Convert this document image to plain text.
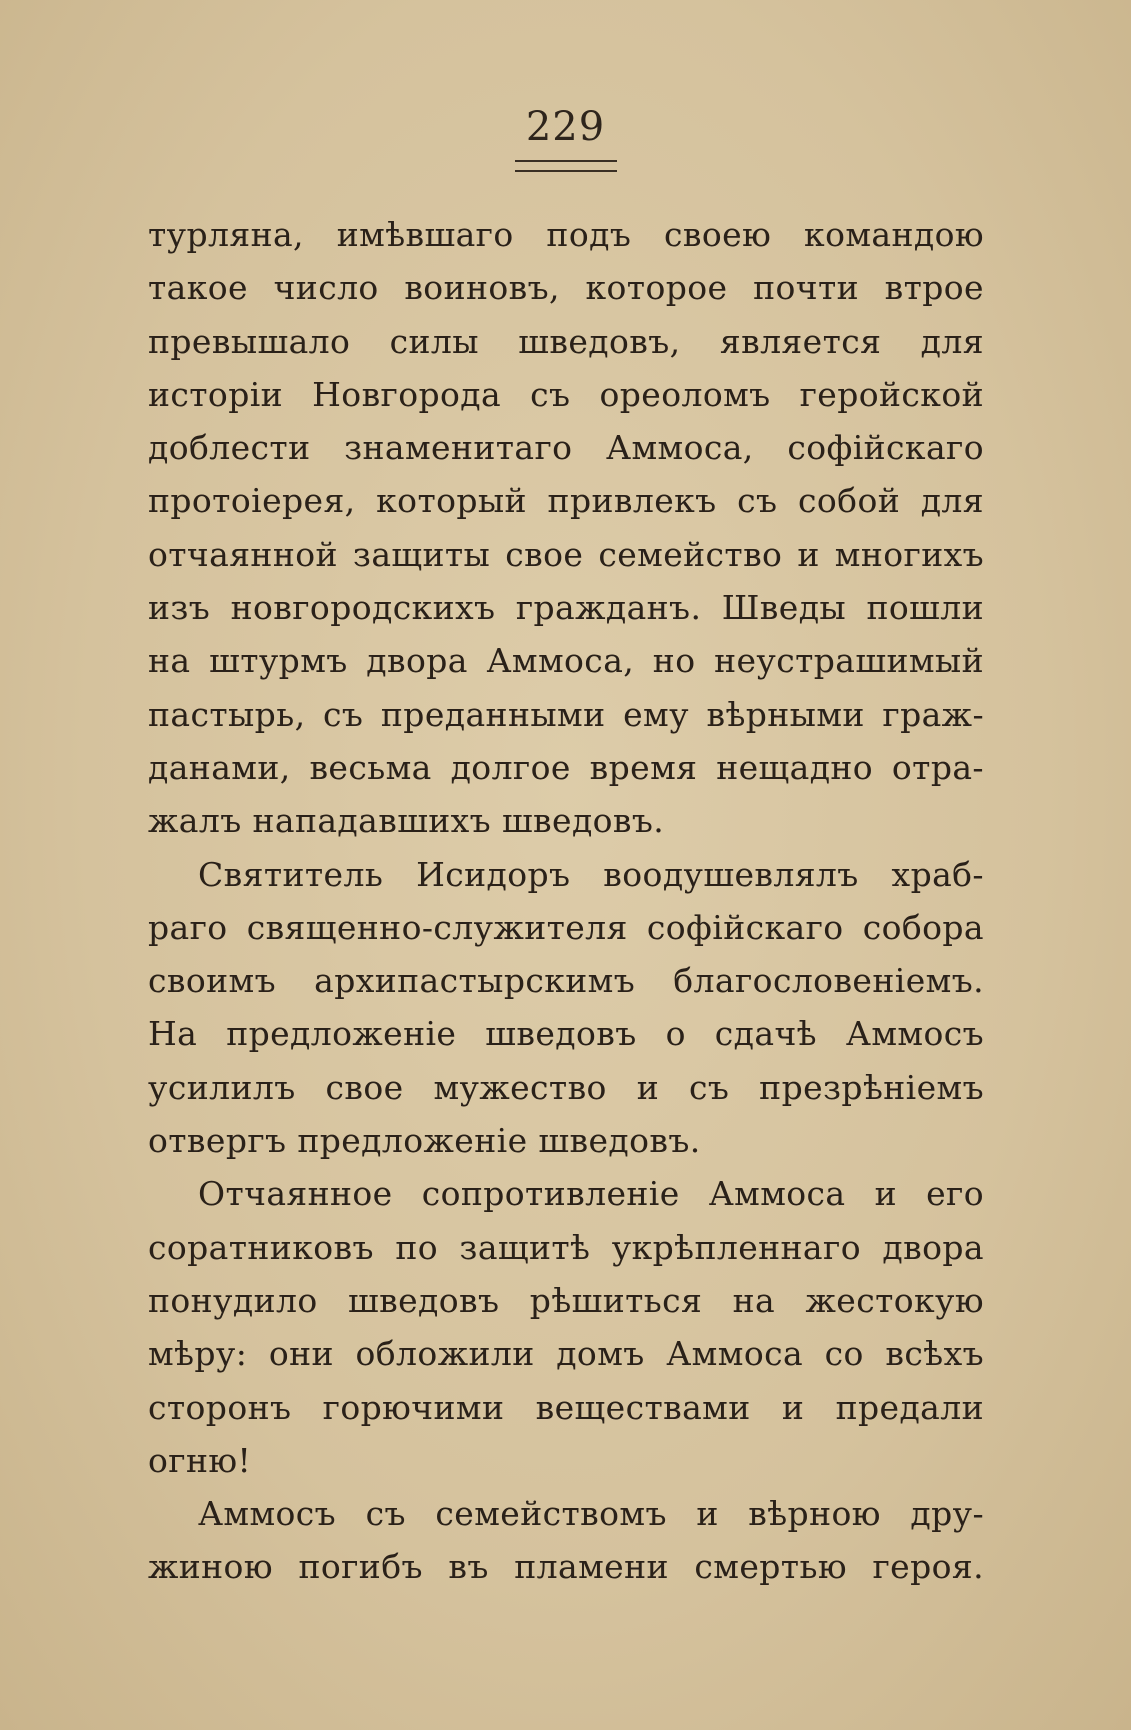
229
турляна, имѣвшаго подъ своею командою
такое число воиновъ, которое почти втрое
превышало силы шведовъ, является для
исторіи Новгорода съ ореоломъ геройской
доблести знаменитаго Аммоса, софійскаго
протоіерея, который привлекъ съ собой для
отчаянной защиты свое семейство и многихъ
изъ новгородскихъ гражданъ. Шведы пошли
на штурмъ двора Аммоса, но неустрашимый
пастырь, съ преданными ему вѣрными граж-
данами, весьма долгое время нещадно отра-
жалъ нападавшихъ шведовъ.
Святитель Исидоръ воодушевлялъ храб-
раго священно-служителя софійскаго собора
своимъ архипастырскимъ благословеніемъ.
На предложеніе шведовъ о сдачѣ Аммосъ
усилилъ свое мужество и съ презрѣніемъ
отвергъ предложеніе шведовъ.
Отчаянное сопротивленіе Аммоса и его
соратниковъ по защитѣ укрѣпленнаго двора
понудило шведовъ рѣшиться на жестокую
мѣру: они обложили домъ Аммоса со всѣхъ
сторонъ горючими веществами и предали
огню!
Аммосъ съ семействомъ и вѣрною дру-
жиною погибъ въ пламени смертью героя.
